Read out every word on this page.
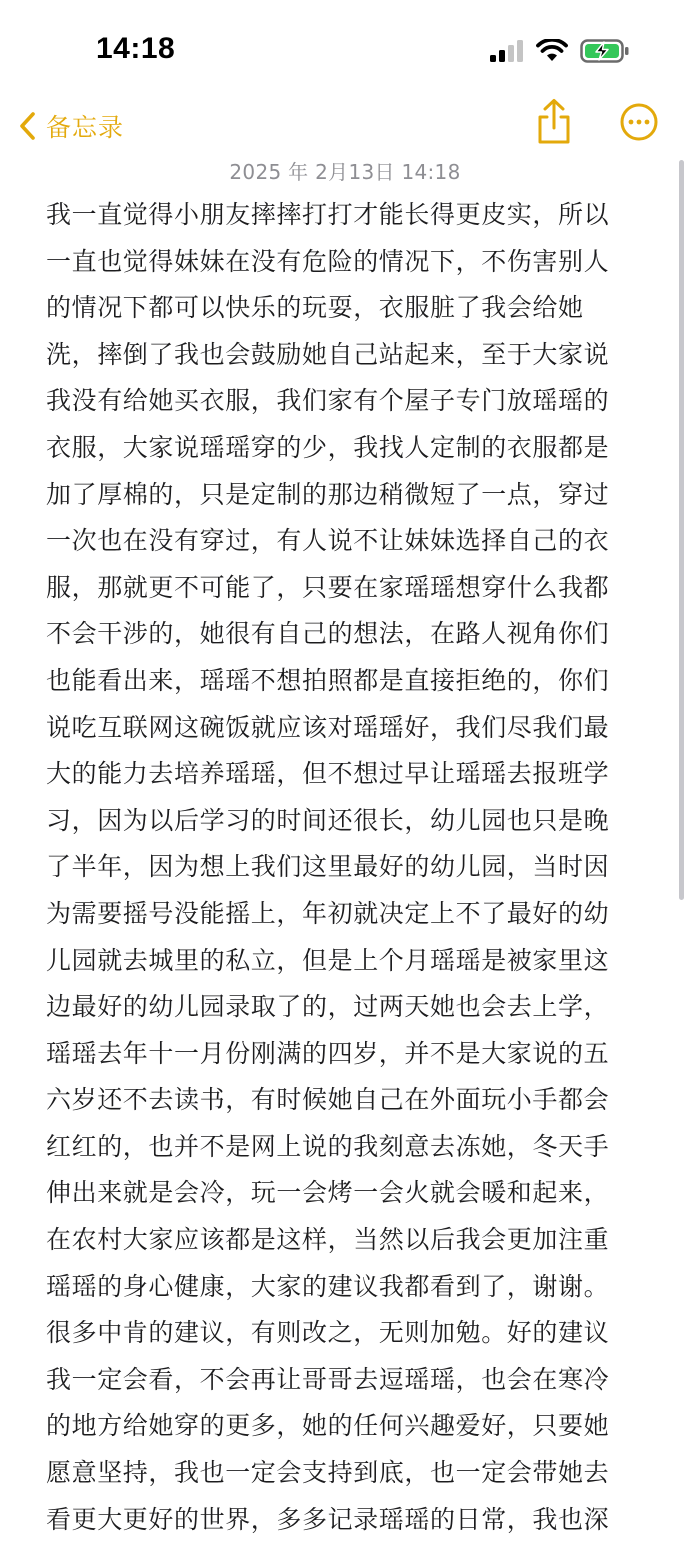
14:18
备忘录
2025 年 2月13日 14:18
我一直觉得小朋友摔摔打打才能长得更皮实，所以
一直也觉得妹妹在没有危险的情况下，不伤害别人
的情况下都可以快乐的玩耍，衣服脏了我会给她
洗，摔倒了我也会鼓励她自己站起来，至于大家说
我没有给她买衣服，我们家有个屋子专门放瑶瑶的
衣服，大家说瑶瑶穿的少，我找人定制的衣服都是
加了厚棉的，只是定制的那边稍微短了一点，穿过
一次也在没有穿过，有人说不让妹妹选择自己的衣
服，那就更不可能了，只要在家瑶瑶想穿什么我都
不会干涉的，她很有自己的想法，在路人视角你们
也能看出来，瑶瑶不想拍照都是直接拒绝的，你们
说吃互联网这碗饭就应该对瑶瑶好，我们尽我们最
大的能力去培养瑶瑶，但不想过早让瑶瑶去报班学
习，因为以后学习的时间还很长，幼儿园也只是晚
了半年，因为想上我们这里最好的幼儿园，当时因
为需要摇号没能摇上，年初就决定上不了最好的幼
儿园就去城里的私立，但是上个月瑶瑶是被家里这
边最好的幼儿园录取了的，过两天她也会去上学，
瑶瑶去年十一月份刚满的四岁，并不是大家说的五
六岁还不去读书，有时候她自己在外面玩小手都会
红红的，也并不是网上说的我刻意去冻她，冬天手
伸出来就是会冷，玩一会烤一会火就会暖和起来，
在农村大家应该都是这样，当然以后我会更加注重
瑶瑶的身心健康，大家的建议我都看到了，谢谢。
很多中肯的建议，有则改之，无则加勉。好的建议
我一定会看，不会再让哥哥去逗瑶瑶，也会在寒冷
的地方给她穿的更多，她的任何兴趣爱好，只要她
愿意坚持，我也一定会支持到底，也一定会带她去
看更大更好的世界，多多记录瑶瑶的日常，我也深
